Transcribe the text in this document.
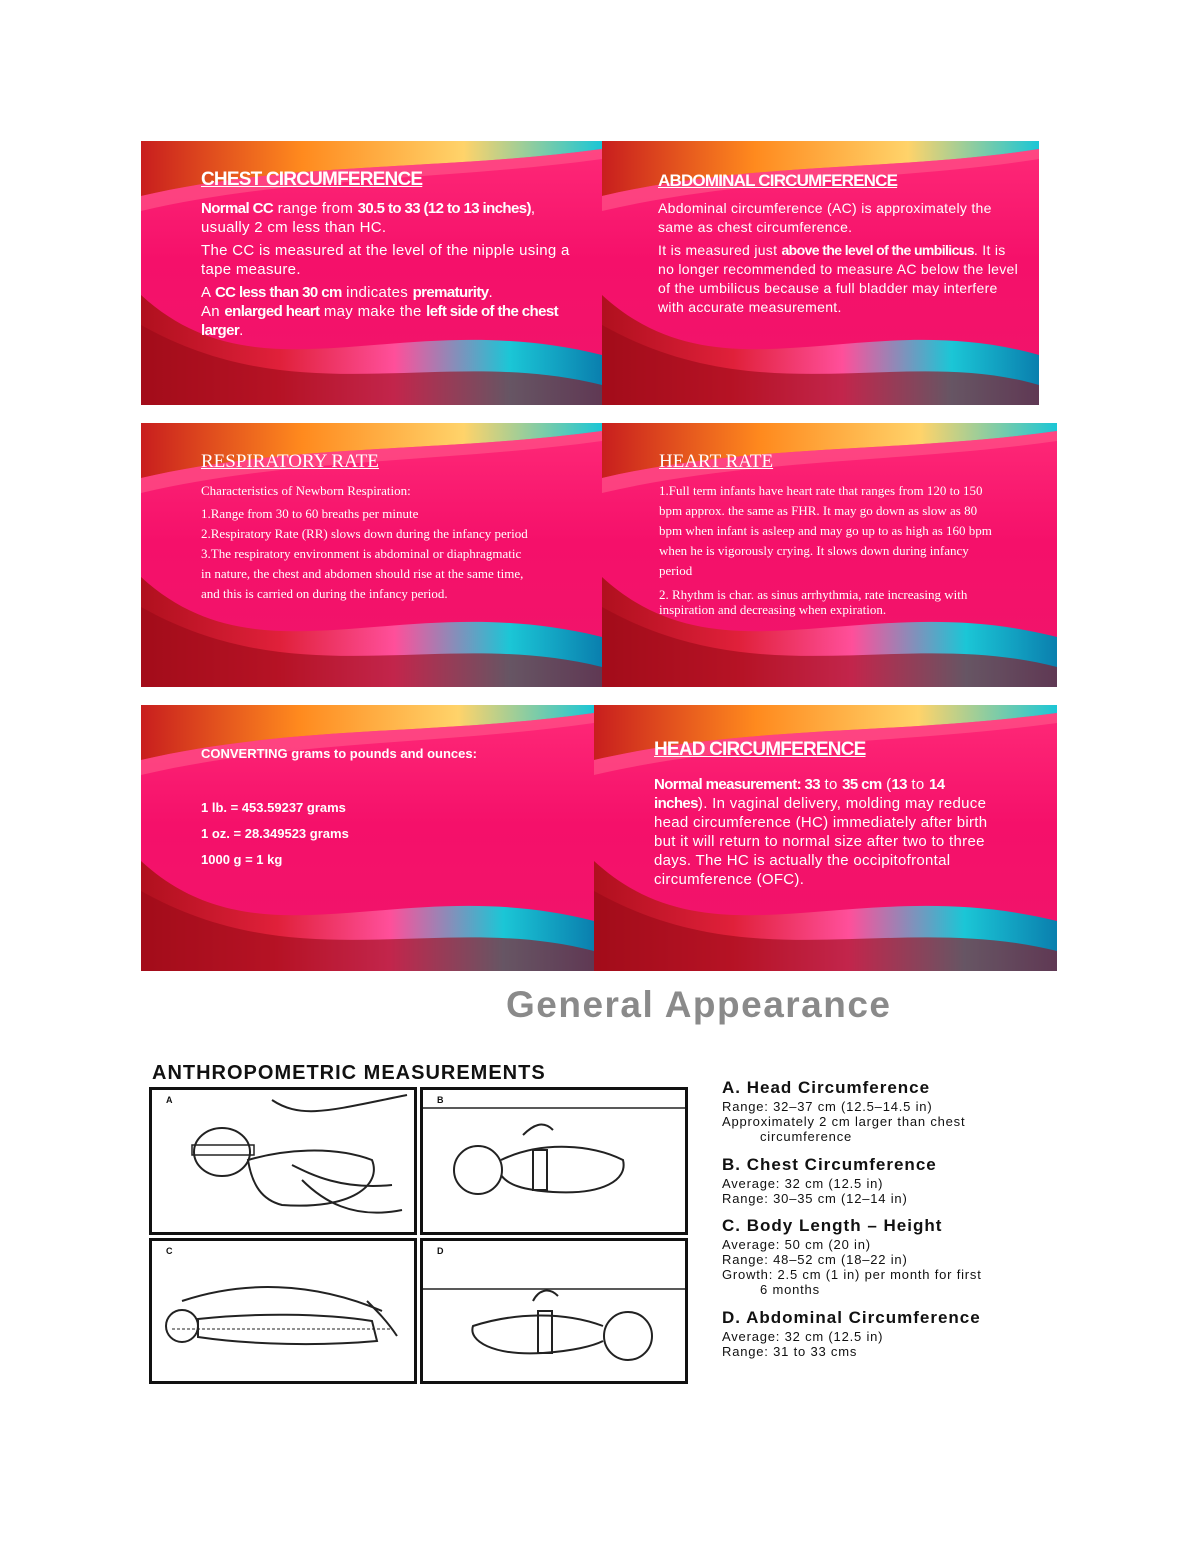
CHEST CIRCUMFERENCE

Normal CC range from 30.5 to 33 (12 to 13 inches), usually 2 cm less than HC.

The CC is measured at the level of the nipple using a tape measure.

A CC less than 30 cm indicates prematurity.

An enlarged heart may make the left side of the chest larger.

ABDOMINAL CIRCUMFERENCE

Abdominal circumference (AC) is approximately the same as chest circumference.

It is measured just above the level of the umbilicus. It is no longer recommended to measure AC below the level of the umbilicus because a full bladder may interfere with accurate measurement.

RESPIRATORY RATE
Characteristics of Newborn Respiration:
1.Range from 30 to 60 breaths per minute
2.Respiratory Rate (RR) slows down during the infancy period
3.The respiratory environment is abdominal or diaphragmatic in nature, the chest and abdomen should rise at the same time, and this is carried on during the infancy period.
HEART RATE
1.Full term infants have heart rate that ranges from 120 to 150 bpm approx. the same as FHR. It may go down as slow as 80 bpm when infant is asleep and may go up to as high as 160 bpm when he is vigorously crying. It slows down during infancy period
2. Rhythm is char. as sinus arrhythmia, rate increasing with inspiration and decreasing when expiration.
CONVERTING grams to pounds and ounces:
1 lb. = 453.59237 grams
1 oz. = 28.349523 grams
1000 g = 1 kg
HEAD CIRCUMFERENCE

Normal measurement: 33 to 35 cm (13 to 14 inches). In vaginal delivery, molding may reduce head circumference (HC) immediately after birth but it will return to normal size after two to three days. The HC is actually the occipitofrontal circumference (OFC).

General Appearance
ANTHROPOMETRIC MEASUREMENTS
A	B
C	D
A. Head Circumference
Range: 32–37 cm (12.5–14.5 in)
Approximately 2 cm larger than chest
circumference
B. Chest Circumference
Average: 32 cm (12.5 in)
Range: 30–35 cm (12–14 in)
C. Body Length – Height
Average: 50 cm (20 in)
Range: 48–52 cm (18–22 in)
Growth: 2.5 cm (1 in) per month for first
6 months
D. Abdominal Circumference
Average: 32 cm (12.5 in)
Range: 31 to 33 cms
